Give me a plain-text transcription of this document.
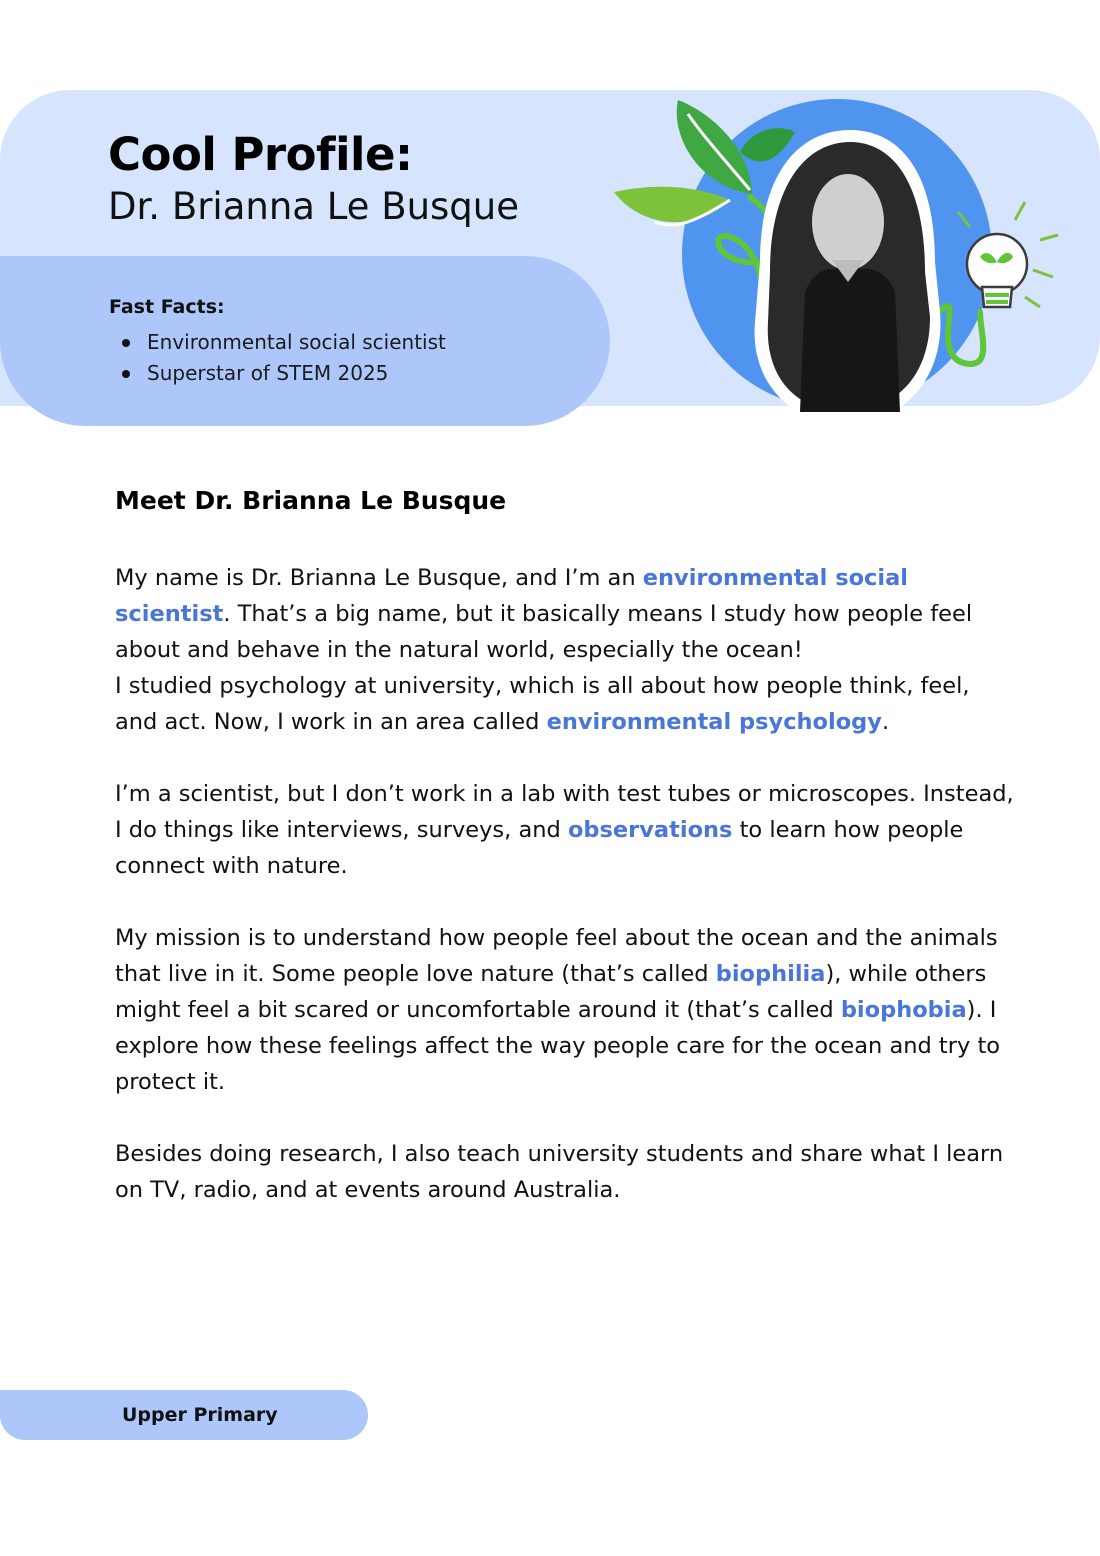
Cool Profile:
Dr. Brianna Le Busque
Fast Facts:
Environmental social scientist
Superstar of STEM 2025
Meet Dr. Brianna Le Busque

My name is Dr. Brianna Le Busque, and I’m an environmental social scientist. That’s a big name, but it basically means I study how people feel about and behave in the natural world, especially the ocean!
I studied psychology at university, which is all about how people think, feel, and act. Now, I work in an area called environmental psychology.

I’m a scientist, but I don’t work in a lab with test tubes or microscopes. Instead, I do things like interviews, surveys, and observations to learn how people connect with nature.

My mission is to understand how people feel about the ocean and the animals that live in it. Some people love nature (that’s called biophilia), while others might feel a bit scared or uncomfortable around it (that’s called biophobia). I explore how these feelings affect the way people care for the ocean and try to protect it.

Besides doing research, I also teach university students and share what I learn on TV, radio, and at events around Australia.

Upper Primary
